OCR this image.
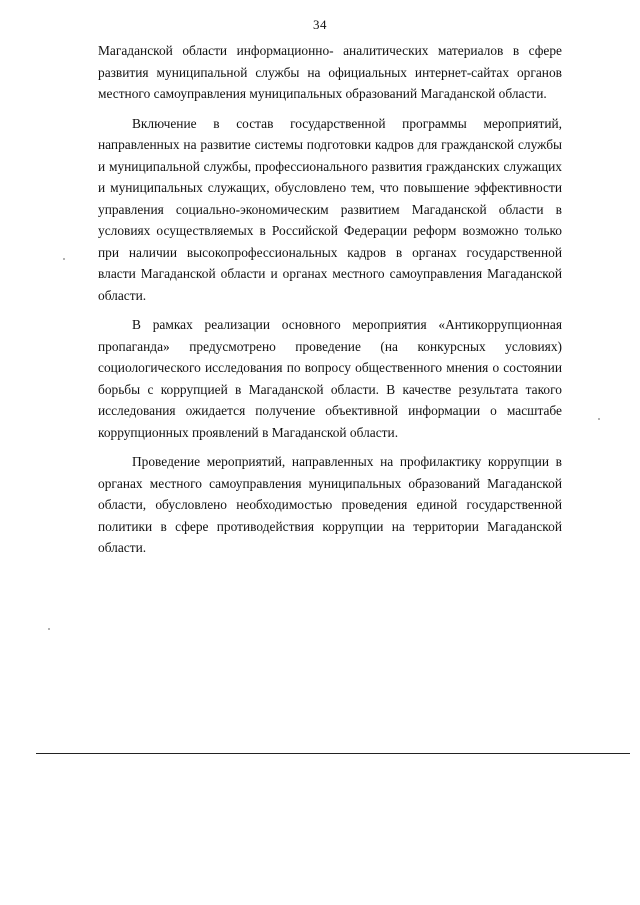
34

Магаданской области информационно- аналитических материалов в сфере развития муниципальной службы на официальных интернет-сайтах органов местного самоуправления муниципальных образований Магаданской области.

Включение в состав государственной программы мероприятий, направленных на развитие системы подготовки кадров для гражданской службы и муниципальной службы, профессионального развития гражданских служащих и муниципальных служащих, обусловлено тем, что повышение эффективности управления социально-экономическим развитием Магаданской области в условиях осуществляемых в Российской Федерации реформ возможно только при наличии высокопрофессиональных кадров в органах государственной власти Магаданской области и органах местного самоуправления Магаданской области.

В рамках реализации основного мероприятия «Антикоррупционная пропаганда» предусмотрено проведение (на конкурсных условиях) социологического исследования по вопросу общественного мнения о состоянии борьбы с коррупцией в Магаданской области. В качестве результата такого исследования ожидается получение объективной информации о масштабе коррупционных проявлений в Магаданской области.

Проведение мероприятий, направленных на профилактику коррупции в органах местного самоуправления муниципальных образований Магаданской области, обусловлено необходимостью проведения единой государственной политики в сфере противодействия коррупции на территории Магаданской области.
